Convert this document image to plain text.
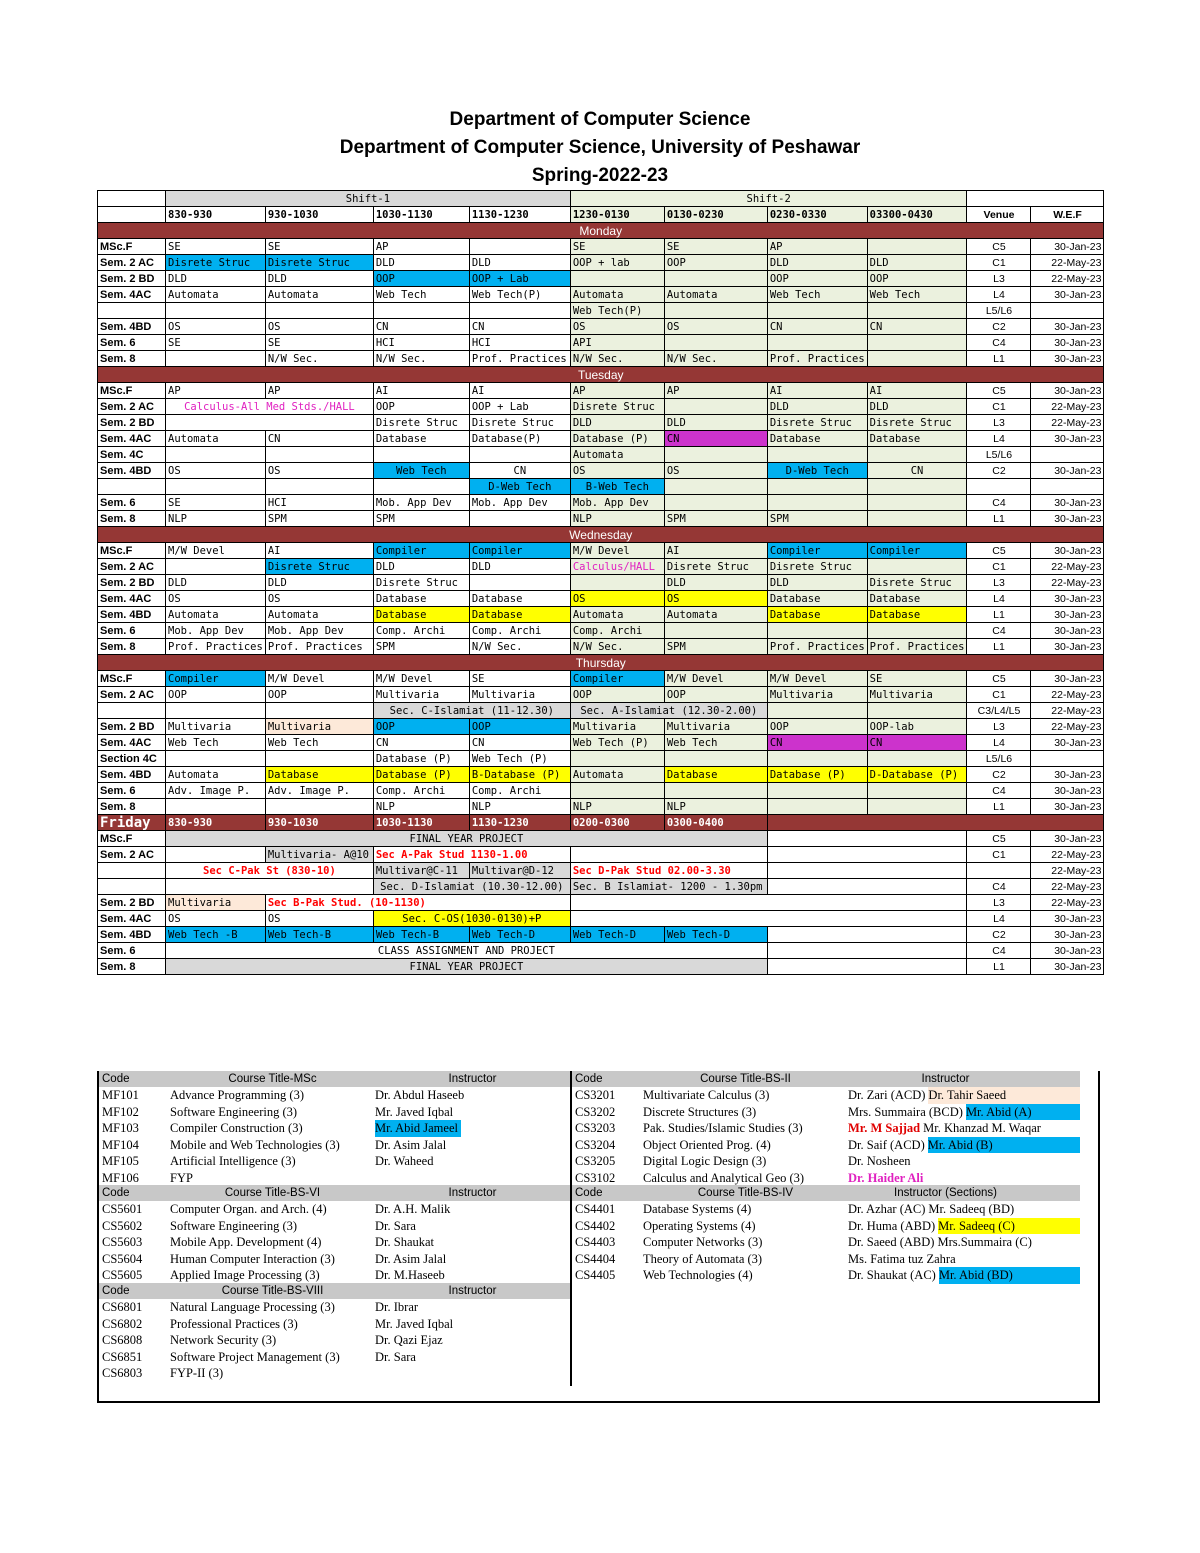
Department of Computer Science
Department of Computer Science, University of Peshawar
Spring-2022-23
	Shift-1				Shift-2					
	830-930	930-1030	1030-1130	1130-1230	1230-0130	0130-0230	0230-0330	03300-0430	Venue	W.E.F
Monday										
MSc.F	SE	SE	AP		SE	SE	AP		C5	30-Jan-23
Sem. 2 AC	Disrete Struc	Disrete Struc	DLD	DLD	OOP + lab	OOP	DLD	DLD	C1	22-May-23
Sem. 2 BD	DLD	DLD	OOP	OOP + Lab			OOP	OOP	L3	22-May-23
Sem. 4AC	Automata	Automata	Web Tech	Web Tech(P)	Automata	Automata	Web Tech	Web Tech	L4	30-Jan-23
					Web Tech(P)				L5/L6	
Sem. 4BD	OS	OS	CN	CN	OS	OS	CN	CN	C2	30-Jan-23
Sem. 6	SE	SE	HCI	HCI	API				C4	30-Jan-23
Sem. 8		N/W Sec.	N/W Sec.	Prof. Practices	N/W Sec.	N/W Sec.	Prof. Practices		L1	30-Jan-23
Tuesday										
MSc.F	AP	AP	AI	AI	AP	AP	AI	AI	C5	30-Jan-23
Sem. 2 AC	Calculus-All Med Stds./HALL		OOP	OOP + Lab	Disrete Struc		DLD	DLD	C1	22-May-23
Sem. 2 BD			Disrete Struc	Disrete Struc	DLD	DLD	Disrete Struc	Disrete Struc	L3	22-May-23
Sem. 4AC	Automata	CN	Database	Database(P)	Database (P)	CN	Database	Database	L4	30-Jan-23
Sem. 4C					Automata				L5/L6	
Sem. 4BD	OS	OS	Web Tech	CN	OS	OS	D-Web Tech	CN	C2	30-Jan-23
				D-Web Tech	B-Web Tech					
Sem. 6	SE	HCI	Mob. App Dev	Mob. App Dev	Mob. App Dev				C4	30-Jan-23
Sem. 8	NLP	SPM	SPM		NLP	SPM	SPM		L1	30-Jan-23
Wednesday										
MSc.F	M/W Devel	AI	Compiler	Compiler	M/W Devel	AI	Compiler	Compiler	C5	30-Jan-23
Sem. 2 AC		Disrete Struc	DLD	DLD	Calculus/HALL	Disrete Struc	Disrete Struc		C1	22-May-23
Sem. 2 BD	DLD	DLD	Disrete Struc			DLD	DLD	Disrete Struc	L3	22-May-23
Sem. 4AC	OS	OS	Database	Database	OS	OS	Database	Database	L4	30-Jan-23
Sem. 4BD	Automata	Automata	Database	Database	Automata	Automata	Database	Database	L1	30-Jan-23
Sem. 6	Mob. App Dev	Mob. App Dev	Comp. Archi	Comp. Archi	Comp. Archi				C4	30-Jan-23
Sem. 8	Prof. Practices	Prof. Practices	SPM	N/W Sec.	N/W Sec.	SPM	Prof. Practices	Prof. Practices	L1	30-Jan-23
Thursday										
MSc.F	Compiler	M/W Devel	M/W Devel	SE	Compiler	M/W Devel	M/W Devel	SE	C5	30-Jan-23
Sem. 2 AC	OOP	OOP	Multivaria	Multivaria	OOP	OOP	Multivaria	Multivaria	C1	22-May-23
			Sec. C-Islamiat (11-12.30)		Sec. A-Islamiat (12.30-2.00)				C3/L4/L5	22-May-23
Sem. 2 BD	Multivaria	Multivaria	OOP	OOP	Multivaria	Multivaria	OOP	OOP-lab	L3	22-May-23
Sem. 4AC	Web Tech	Web Tech	CN	CN	Web Tech (P)	Web Tech	CN	CN	L4	30-Jan-23
Section 4C			Database (P)	Web Tech (P)					L5/L6	
Sem. 4BD	Automata	Database	Database (P)	B-Database (P)	Automata	Database	Database (P)	D-Database (P)	C2	30-Jan-23
Sem. 6	Adv. Image P.	Adv. Image P.	Comp. Archi	Comp. Archi					C4	30-Jan-23
Sem. 8			NLP	NLP	NLP	NLP			L1	30-Jan-23
Friday	830-930	930-1030	1030-1130	1130-1230	0200-0300	0300-0400				
MSc.F	FINAL YEAR PROJECT								C5	30-Jan-23
Sem. 2 AC		Multivaria- A@10	Sec A-Pak Stud 1130-1.00						C1	22-May-23
	Sec C-Pak St (830-10)		Multivar@C-11	Multivar@D-12	Sec D-Pak Stud 02.00-3.30					22-May-23
			Sec. D-Islamiat (10.30-12.00)		Sec. B Islamiat- 1200 - 1.30pm				C4	22-May-23
Sem. 2 BD	Multivaria	Sec B-Pak Stud. (10-1130)							L3	22-May-23
Sem. 4AC	OS	OS	Sec. C-OS(1030-0130)+P						L4	30-Jan-23
Sem. 4BD	Web Tech -B	Web Tech-B	Web Tech-B	Web Tech-D	Web Tech-D	Web Tech-D			C2	30-Jan-23
Sem. 6	CLASS ASSIGNMENT AND PROJECT								C4	30-Jan-23
Sem. 8	FINAL YEAR PROJECT								L1	30-Jan-23
Code	Course Title-MSc	Instructor
MF101	Advance Programming (3)	Dr. Abdul Haseeb
MF102	Software Engineering (3)	Mr. Javed Iqbal
MF103	Compiler Construction (3)	Mr. Abid Jameel
MF104	Mobile and Web Technologies (3)	Dr. Asim Jalal
MF105	Artificial Intelligence (3)	Dr. Waheed
MF106	FYP
Code	Course Title-BS-II	Instructor
CS3201	Multivariate Calculus (3)	Dr. Zari (ACD) Dr. Tahir Saeed
CS3202	Discrete Structures (3)	Mrs. Summaira (BCD) Mr. Abid (A)
CS3203	Pak. Studies/Islamic Studies (3)	Mr. M Sajjad Mr. Khanzad M. Waqar
CS3204	Object Oriented Prog. (4)	Dr. Saif (ACD) Mr. Abid (B)
CS3205	Digital Logic Design (3)	Dr. Nosheen
CS3102	Calculus and Analytical Geo (3)	Dr. Haider Ali
Code	Course Title-BS-VI	Instructor
CS5601	Computer Organ. and Arch. (4)	Dr. A.H. Malik
CS5602	Software Engineering (3)	Dr. Sara
CS5603	Mobile App. Development (4)	Dr. Shaukat
CS5604	Human Computer Interaction (3)	Dr. Asim Jalal
CS5605	Applied Image Processing (3)	Dr. M.Haseeb
Code	Course Title-BS-IV	Instructor (Sections)
CS4401	Database Systems (4)	Dr. Azhar (AC) Mr. Sadeeq (BD)
CS4402	Operating Systems (4)	Dr. Huma (ABD) Mr. Sadeeq (C)
CS4403	Computer Networks (3)	Dr. Saeed (ABD) Mrs.Summaira (C)
CS4404	Theory of Automata (3)	Ms. Fatima tuz Zahra
CS4405	Web Technologies (4)	Dr. Shaukat (AC) Mr. Abid (BD)
Code	Course Title-BS-VIII	Instructor
CS6801	Natural Language Processing (3)	Dr. Ibrar
CS6802	Professional Practices (3)	Mr. Javed Iqbal
CS6808	Network Security (3)	Dr. Qazi Ejaz
CS6851	Software Project Management (3)	Dr. Sara
CS6803	FYP-II (3)
